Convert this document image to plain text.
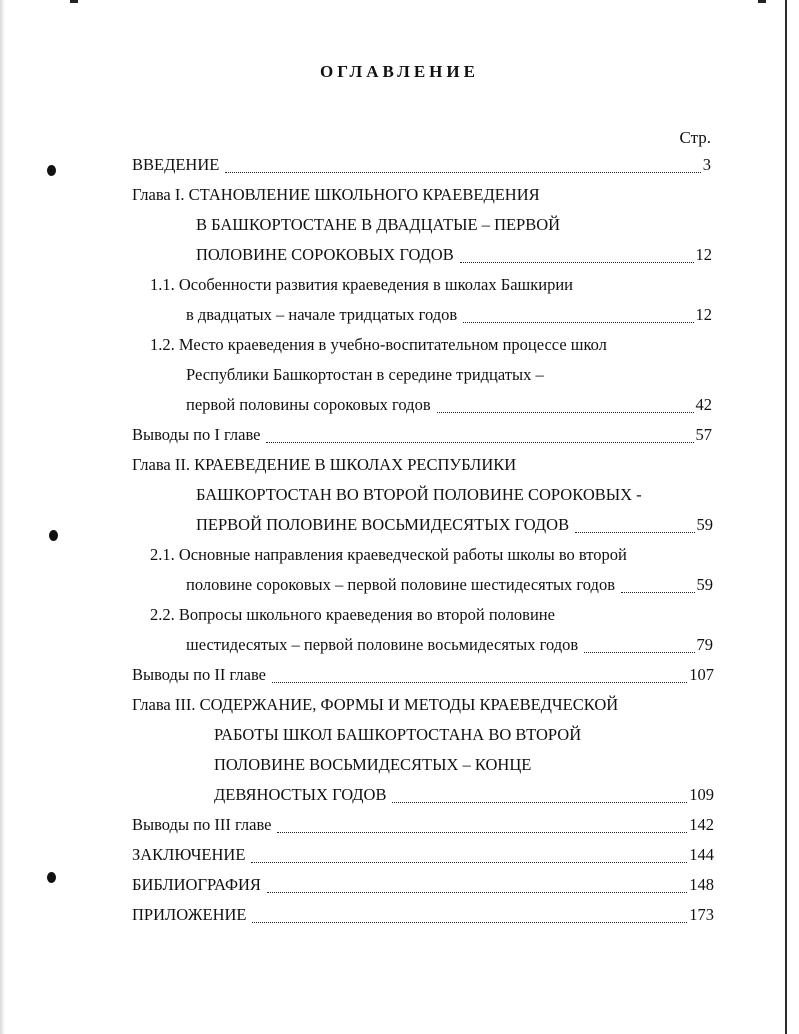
ОГЛАВЛЕНИЕ
Стр.
ВВЕДЕНИЕ	3
Глава I. СТАНОВЛЕНИЕ ШКОЛЬНОГО КРАЕВЕДЕНИЯ
В БАШКОРТОСТАНЕ В ДВАДЦАТЫЕ – ПЕРВОЙ
ПОЛОВИНЕ СОРОКОВЫХ ГОДОВ	12
1.1. Особенности развития краеведения в школах Башкирии
в двадцатых – начале тридцатых годов	12
1.2. Место краеведения в учебно-воспитательном процессе школ
Республики Башкортостан в середине тридцатых –
первой половины сороковых годов	42
Выводы по I главе	57
Глава II. КРАЕВЕДЕНИЕ В ШКОЛАХ РЕСПУБЛИКИ
БАШКОРТОСТАН ВО ВТОРОЙ ПОЛОВИНЕ СОРОКОВЫХ -
ПЕРВОЙ ПОЛОВИНЕ ВОСЬМИДЕСЯТЫХ ГОДОВ	59
2.1. Основные направления краеведческой работы школы во второй
половине сороковых – первой половине шестидесятых годов	59
2.2. Вопросы школьного краеведения во второй половине
шестидесятых – первой половине восьмидесятых годов	79
Выводы по II главе	107
Глава III. СОДЕРЖАНИЕ, ФОРМЫ И МЕТОДЫ КРАЕВЕДЧЕСКОЙ
РАБОТЫ ШКОЛ БАШКОРТОСТАНА ВО ВТОРОЙ
ПОЛОВИНЕ ВОСЬМИДЕСЯТЫХ – КОНЦЕ
ДЕВЯНОСТЫХ ГОДОВ	109
Выводы по III главе	142
ЗАКЛЮЧЕНИЕ	144
БИБЛИОГРАФИЯ	148
ПРИЛОЖЕНИЕ	173
